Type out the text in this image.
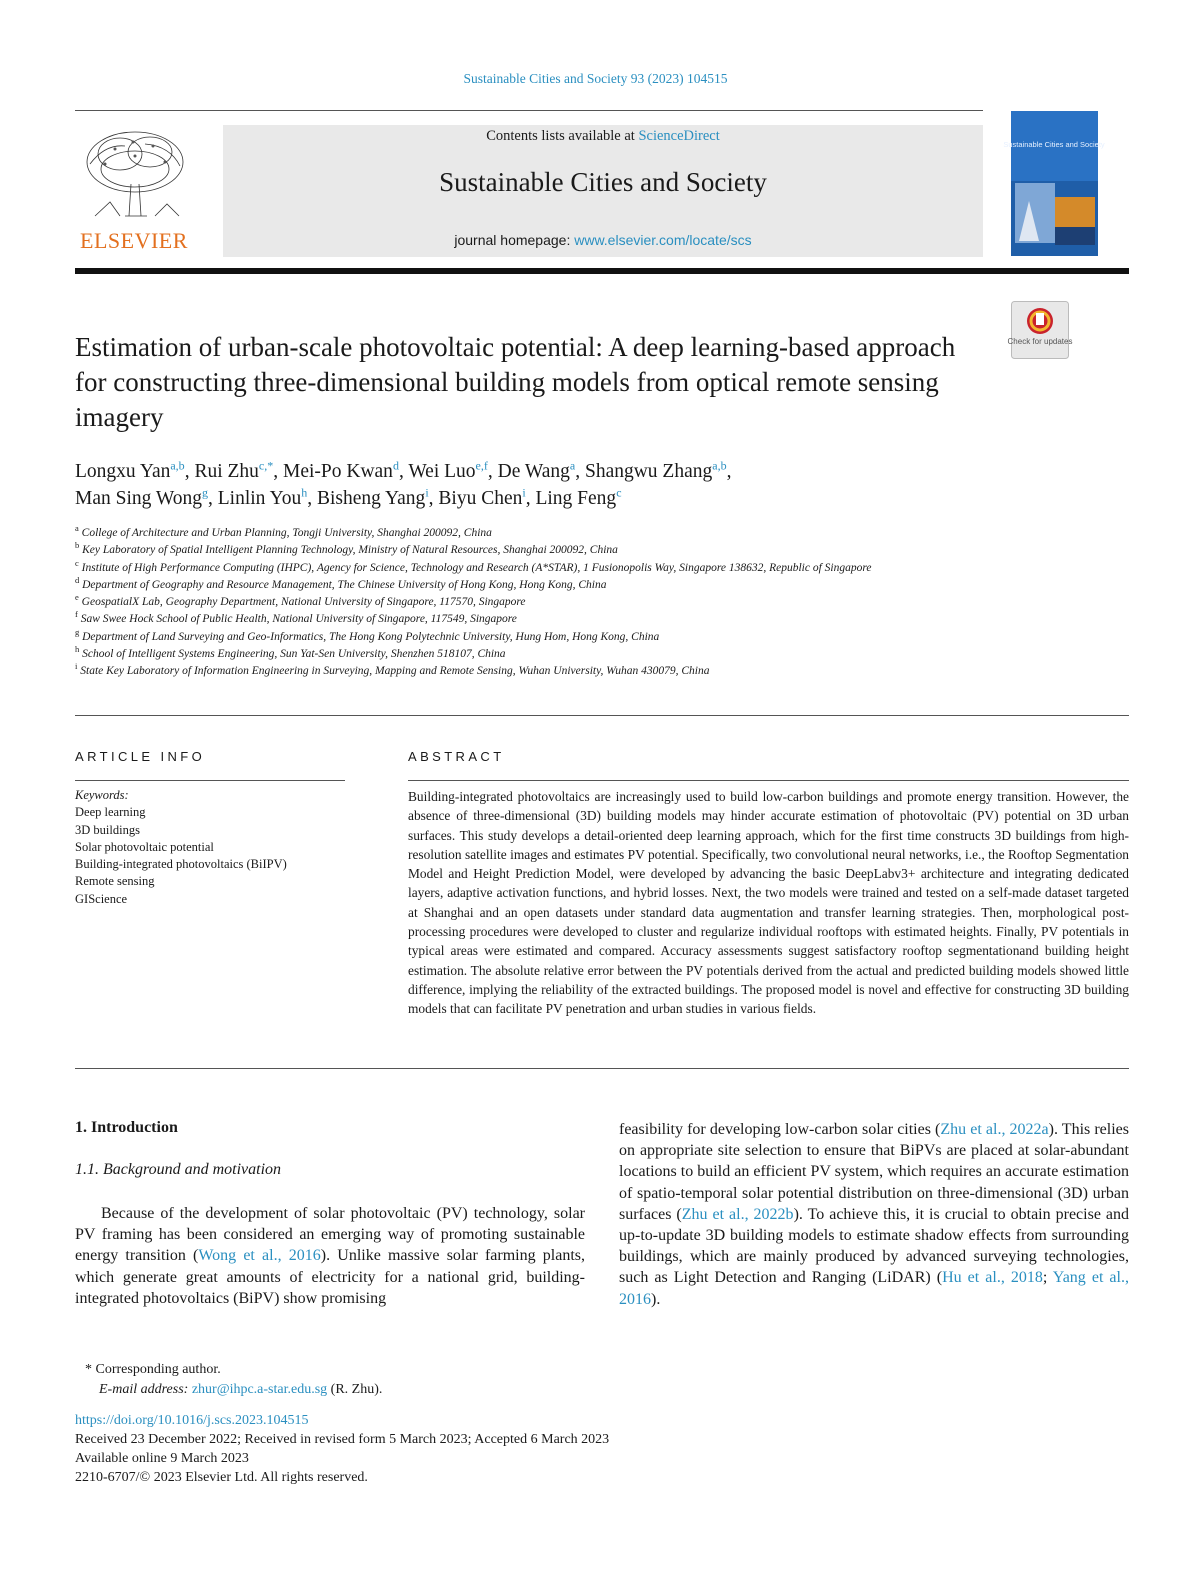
Sustainable Cities and Society 93 (2023) 104515
ELSEVIER
Contents lists available at ScienceDirect
Sustainable Cities and Society
journal homepage: www.elsevier.com/locate/scs
Sustainable Cities and Society
Check for updates
Estimation of urban-scale photovoltaic potential: A deep learning-based approach for constructing three-dimensional building models from optical remote sensing imagery
Longxu Yan$^{a,b}$, Rui Zhu$^{c,*}$, Mei-Po Kwan$^d$, Wei Luo$^{e,f}$, De Wang$^a$, Shangwu Zhang$^{a,b}$,
Man Sing Wong$^g$, Linlin You$^h$, Bisheng Yang$^i$, Biyu Chen$^i$, Ling Feng$^c$
$^a$ College of Architecture and Urban Planning, Tongji University, Shanghai 200092, China
$^b$ Key Laboratory of Spatial Intelligent Planning Technology, Ministry of Natural Resources, Shanghai 200092, China
$^c$ Institute of High Performance Computing (IHPC), Agency for Science, Technology and Research (A*STAR), 1 Fusionopolis Way, Singapore 138632, Republic of Singapore
$^d$ Department of Geography and Resource Management, The Chinese University of Hong Kong, Hong Kong, China
$^e$ GeospatialX Lab, Geography Department, National University of Singapore, 117570, Singapore
$^f$ Saw Swee Hock School of Public Health, National University of Singapore, 117549, Singapore
$^g$ Department of Land Surveying and Geo-Informatics, The Hong Kong Polytechnic University, Hung Hom, Hong Kong, China
$^h$ School of Intelligent Systems Engineering, Sun Yat-Sen University, Shenzhen 518107, China
$^i$ State Key Laboratory of Information Engineering in Surveying, Mapping and Remote Sensing, Wuhan University, Wuhan 430079, China
ARTICLE INFO	ABSTRACT
Keywords:
Deep learning
3D buildings
Solar photovoltaic potential
Building-integrated photovoltaics (BiIPV)
Remote sensing
GIScience
Building-integrated photovoltaics are increasingly used to build low-carbon buildings and promote energy transition. However, the absence of three-dimensional (3D) building models may hinder accurate estimation of photovoltaic (PV) potential on 3D urban surfaces. This study develops a detail-oriented deep learning approach, which for the first time constructs 3D buildings from high-resolution satellite images and estimates PV potential. Specifically, two convolutional neural networks, i.e., the Rooftop Segmentation Model and Height Prediction Model, were developed by advancing the basic DeepLabv3+ architecture and integrating dedicated layers, adaptive activation functions, and hybrid losses. Next, the two models were trained and tested on a self-made dataset targeted at Shanghai and an open datasets under standard data augmentation and transfer learning strategies. Then, morphological post-processing procedures were developed to cluster and regularize individual rooftops with estimated heights. Finally, PV potentials in typical areas were estimated and compared. Accuracy assessments suggest satisfactory rooftop segmentationand building height estimation. The absolute relative error between the PV potentials derived from the actual and predicted building models showed little difference, implying the reliability of the extracted buildings. The proposed model is novel and effective for constructing 3D building models that can facilitate PV penetration and urban studies in various fields.
1. Introduction
1.1. Background and motivation

Because of the development of solar photovoltaic (PV) technology, solar PV framing has been considered an emerging way of promoting sustainable energy transition (Wong et al., 2016). Unlike massive solar farming plants, which generate great amounts of electricity for a national grid, building-integrated photovoltaics (BiPV) show promising

feasibility for developing low-carbon solar cities (Zhu et al., 2022a). This relies on appropriate site selection to ensure that BiPVs are placed at solar-abundant locations to build an efficient PV system, which requires an accurate estimation of spatio-temporal solar potential distribution on three-dimensional (3D) urban surfaces (Zhu et al., 2022b). To achieve this, it is crucial to obtain precise and up-to-update 3D building models to estimate shadow effects from surrounding buildings, which are mainly produced by advanced surveying technologies, such as Light Detection and Ranging (LiDAR) (Hu et al., 2018; Yang et al., 2016).

* Corresponding author.
E-mail address: zhur@ihpc.a-star.edu.sg (R. Zhu).
https://doi.org/10.1016/j.scs.2023.104515
Received 23 December 2022; Received in revised form 5 March 2023; Accepted 6 March 2023
Available online 9 March 2023
2210-6707/© 2023 Elsevier Ltd. All rights reserved.
